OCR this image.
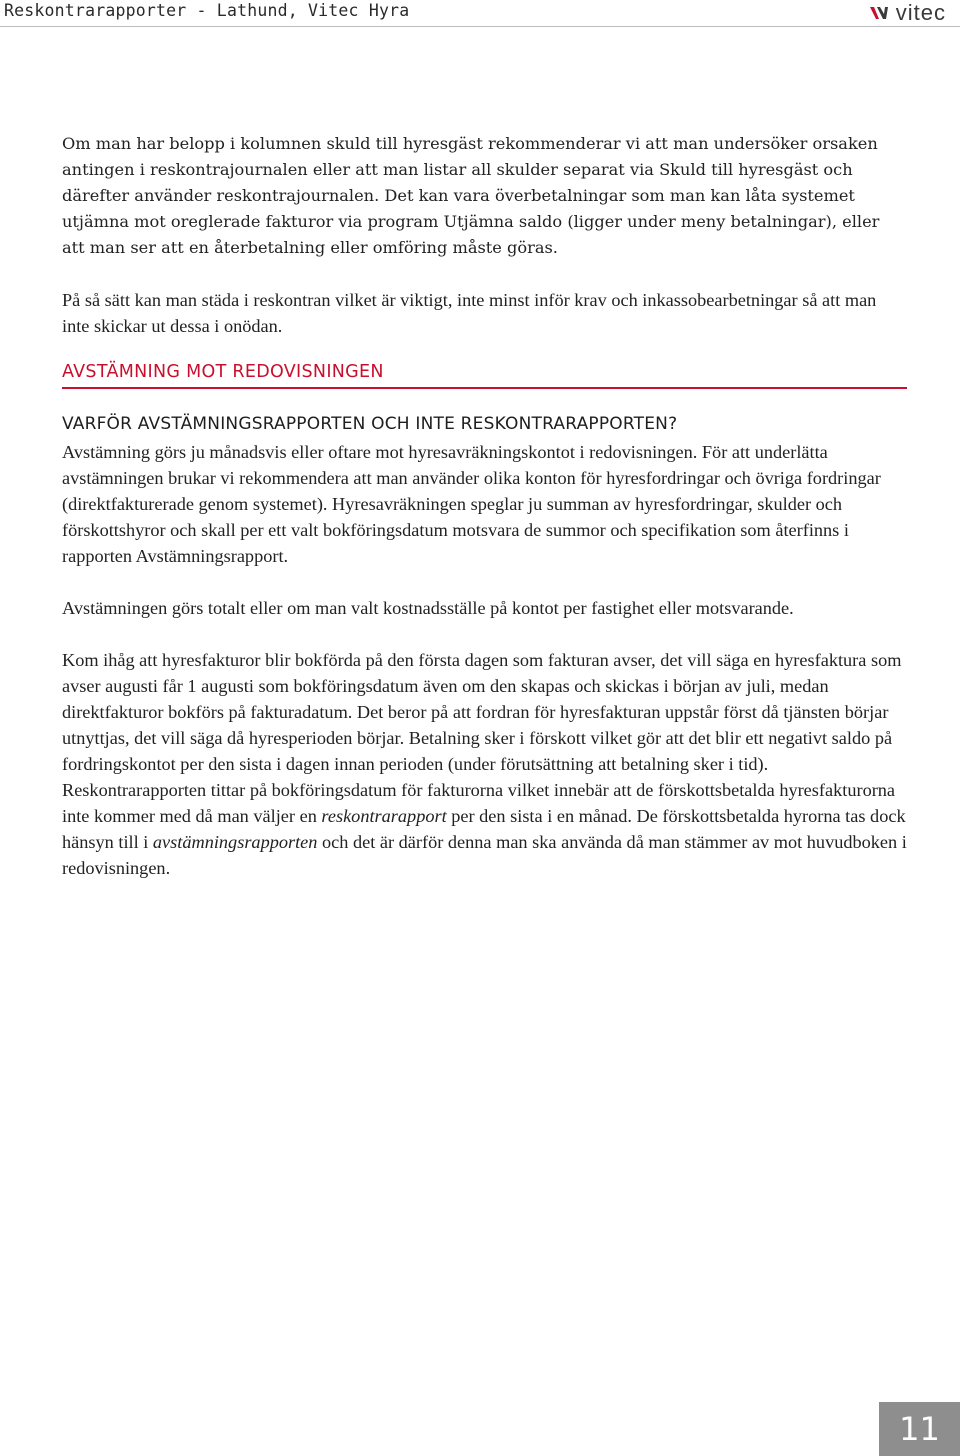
Reskontrarapporter - Lathund, Vitec Hyra	vitec

Om man har belopp i kolumnen skuld till hyresgäst rekommenderar vi att man undersöker orsaken antingen i reskontrajournalen eller att man listar all skulder separat via Skuld till hyresgäst och därefter använder reskontrajournalen. Det kan vara överbetalningar som man kan låta systemet utjämna mot oreglerade fakturor via program Utjämna saldo (ligger under meny betalningar), eller att man ser att en återbetalning eller omföring måste göras.

På så sätt kan man städa i reskontran vilket är viktigt, inte minst inför krav och inkassobearbetningar så att man inte skickar ut dessa i onödan.

AVSTÄMNING MOT REDOVISNINGEN
VARFÖR AVSTÄMNINGSRAPPORTEN OCH INTE RESKONTRARAPPORTEN?

Avstämning görs ju månadsvis eller oftare mot hyresavräkningskontot i redovisningen. För att underlätta avstämningen brukar vi rekommendera att man använder olika konton för hyresfordringar och övriga fordringar (direktfakturerade genom systemet). Hyresavräkningen speglar ju summan av hyresfordringar, skulder och förskottshyror och skall per ett valt bokföringsdatum motsvara de summor och specifikation som återfinns i rapporten Avstämningsrapport.

Avstämningen görs totalt eller om man valt kostnadsställe på kontot per fastighet eller motsvarande.

Kom ihåg att hyresfakturor blir bokförda på den första dagen som fakturan avser, det vill säga en hyresfaktura som avser augusti får 1 augusti som bokföringsdatum även om den skapas och skickas i början av juli, medan direktfakturor bokförs på fakturadatum. Det beror på att fordran för hyresfakturan uppstår först då tjänsten börjar utnyttjas, det vill säga då hyresperioden börjar. Betalning sker i förskott vilket gör att det blir ett negativt saldo på fordringskontot per den sista i dagen innan perioden (under förutsättning att betalning sker i tid). Reskontrarapporten tittar på bokföringsdatum för fakturorna vilket innebär att de förskottsbetalda hyresfakturorna inte kommer med då man väljer en reskontrarapport per den sista i en månad. De förskottsbetalda hyrorna tas dock hänsyn till i avstämningsrapporten och det är därför denna man ska använda då man stämmer av mot huvudboken i redovisningen.

11
